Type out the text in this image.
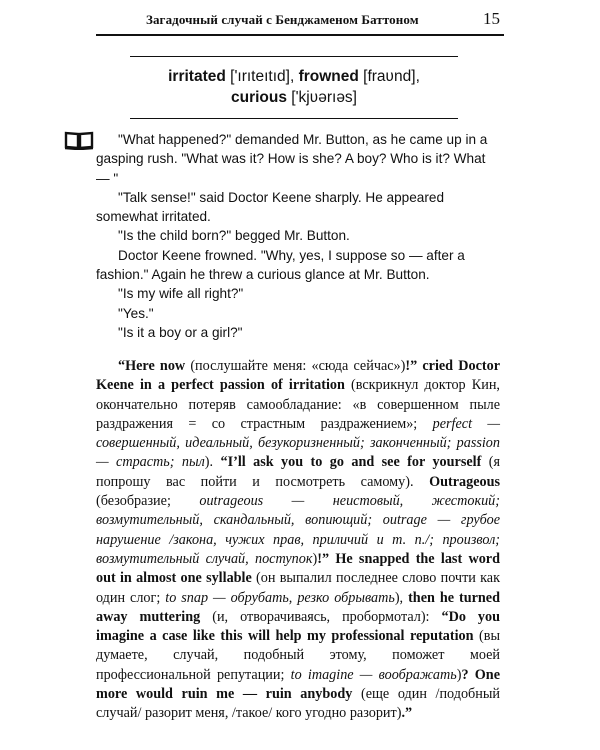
Загадочный случай с Бенджаменом Баттоном	15
irritated ['ırıteıtıd], frowned [fraʋnd],
curious ['kjʋərıəs]

"What happened?" demanded Mr. Button, as he came up in a gasping rush. "What was it? How is she? A boy? Who is it? What — "

"Talk sense!" said Doctor Keene sharply. He appeared somewhat irritated.

"Is the child born?" begged Mr. Button.

Doctor Keene frowned. "Why, yes, I suppose so — after a fashion." Again he threw a curious glance at Mr. Button.

"Is my wife all right?"

"Yes."

"Is it a boy or a girl?"

“Here now (послушайте меня: «сюда сейчас»)!” cried Doctor Keene in a perfect passion of irritation (вскрикнул доктор Кин, окончательно потеряв самообладание: «в совершенном пыле раздражения = со страстным раздражением»; perfect — совершенный, идеальный, безукоризненный; законченный; passion — страсть; пыл). “I’ll ask you to go and see for yourself (я попрошу вас пойти и посмотреть самому). Outrageous (безобразие; outrageous — неистовый, жестокий; возмутительный, скандальный, вопиющий; outrage — грубое нарушение /закона, чужих прав, приличий и т. п./; произвол; возмутительный случай, поступок)!” He snapped the last word out in almost one syllable (он выпалил последнее слово почти как один слог; to snap — обрубать, резко обрывать), then he turned away muttering (и, отворачиваясь, пробормотал): “Do you imagine a case like this will help my professional reputation (вы думаете, случай, подобный этому, поможет моей профессиональной репутации; to imagine — воображать)? One more would ruin me — ruin anybody (еще один /подобный случай/ разорит меня, /такое/ кого угодно разорит).”
